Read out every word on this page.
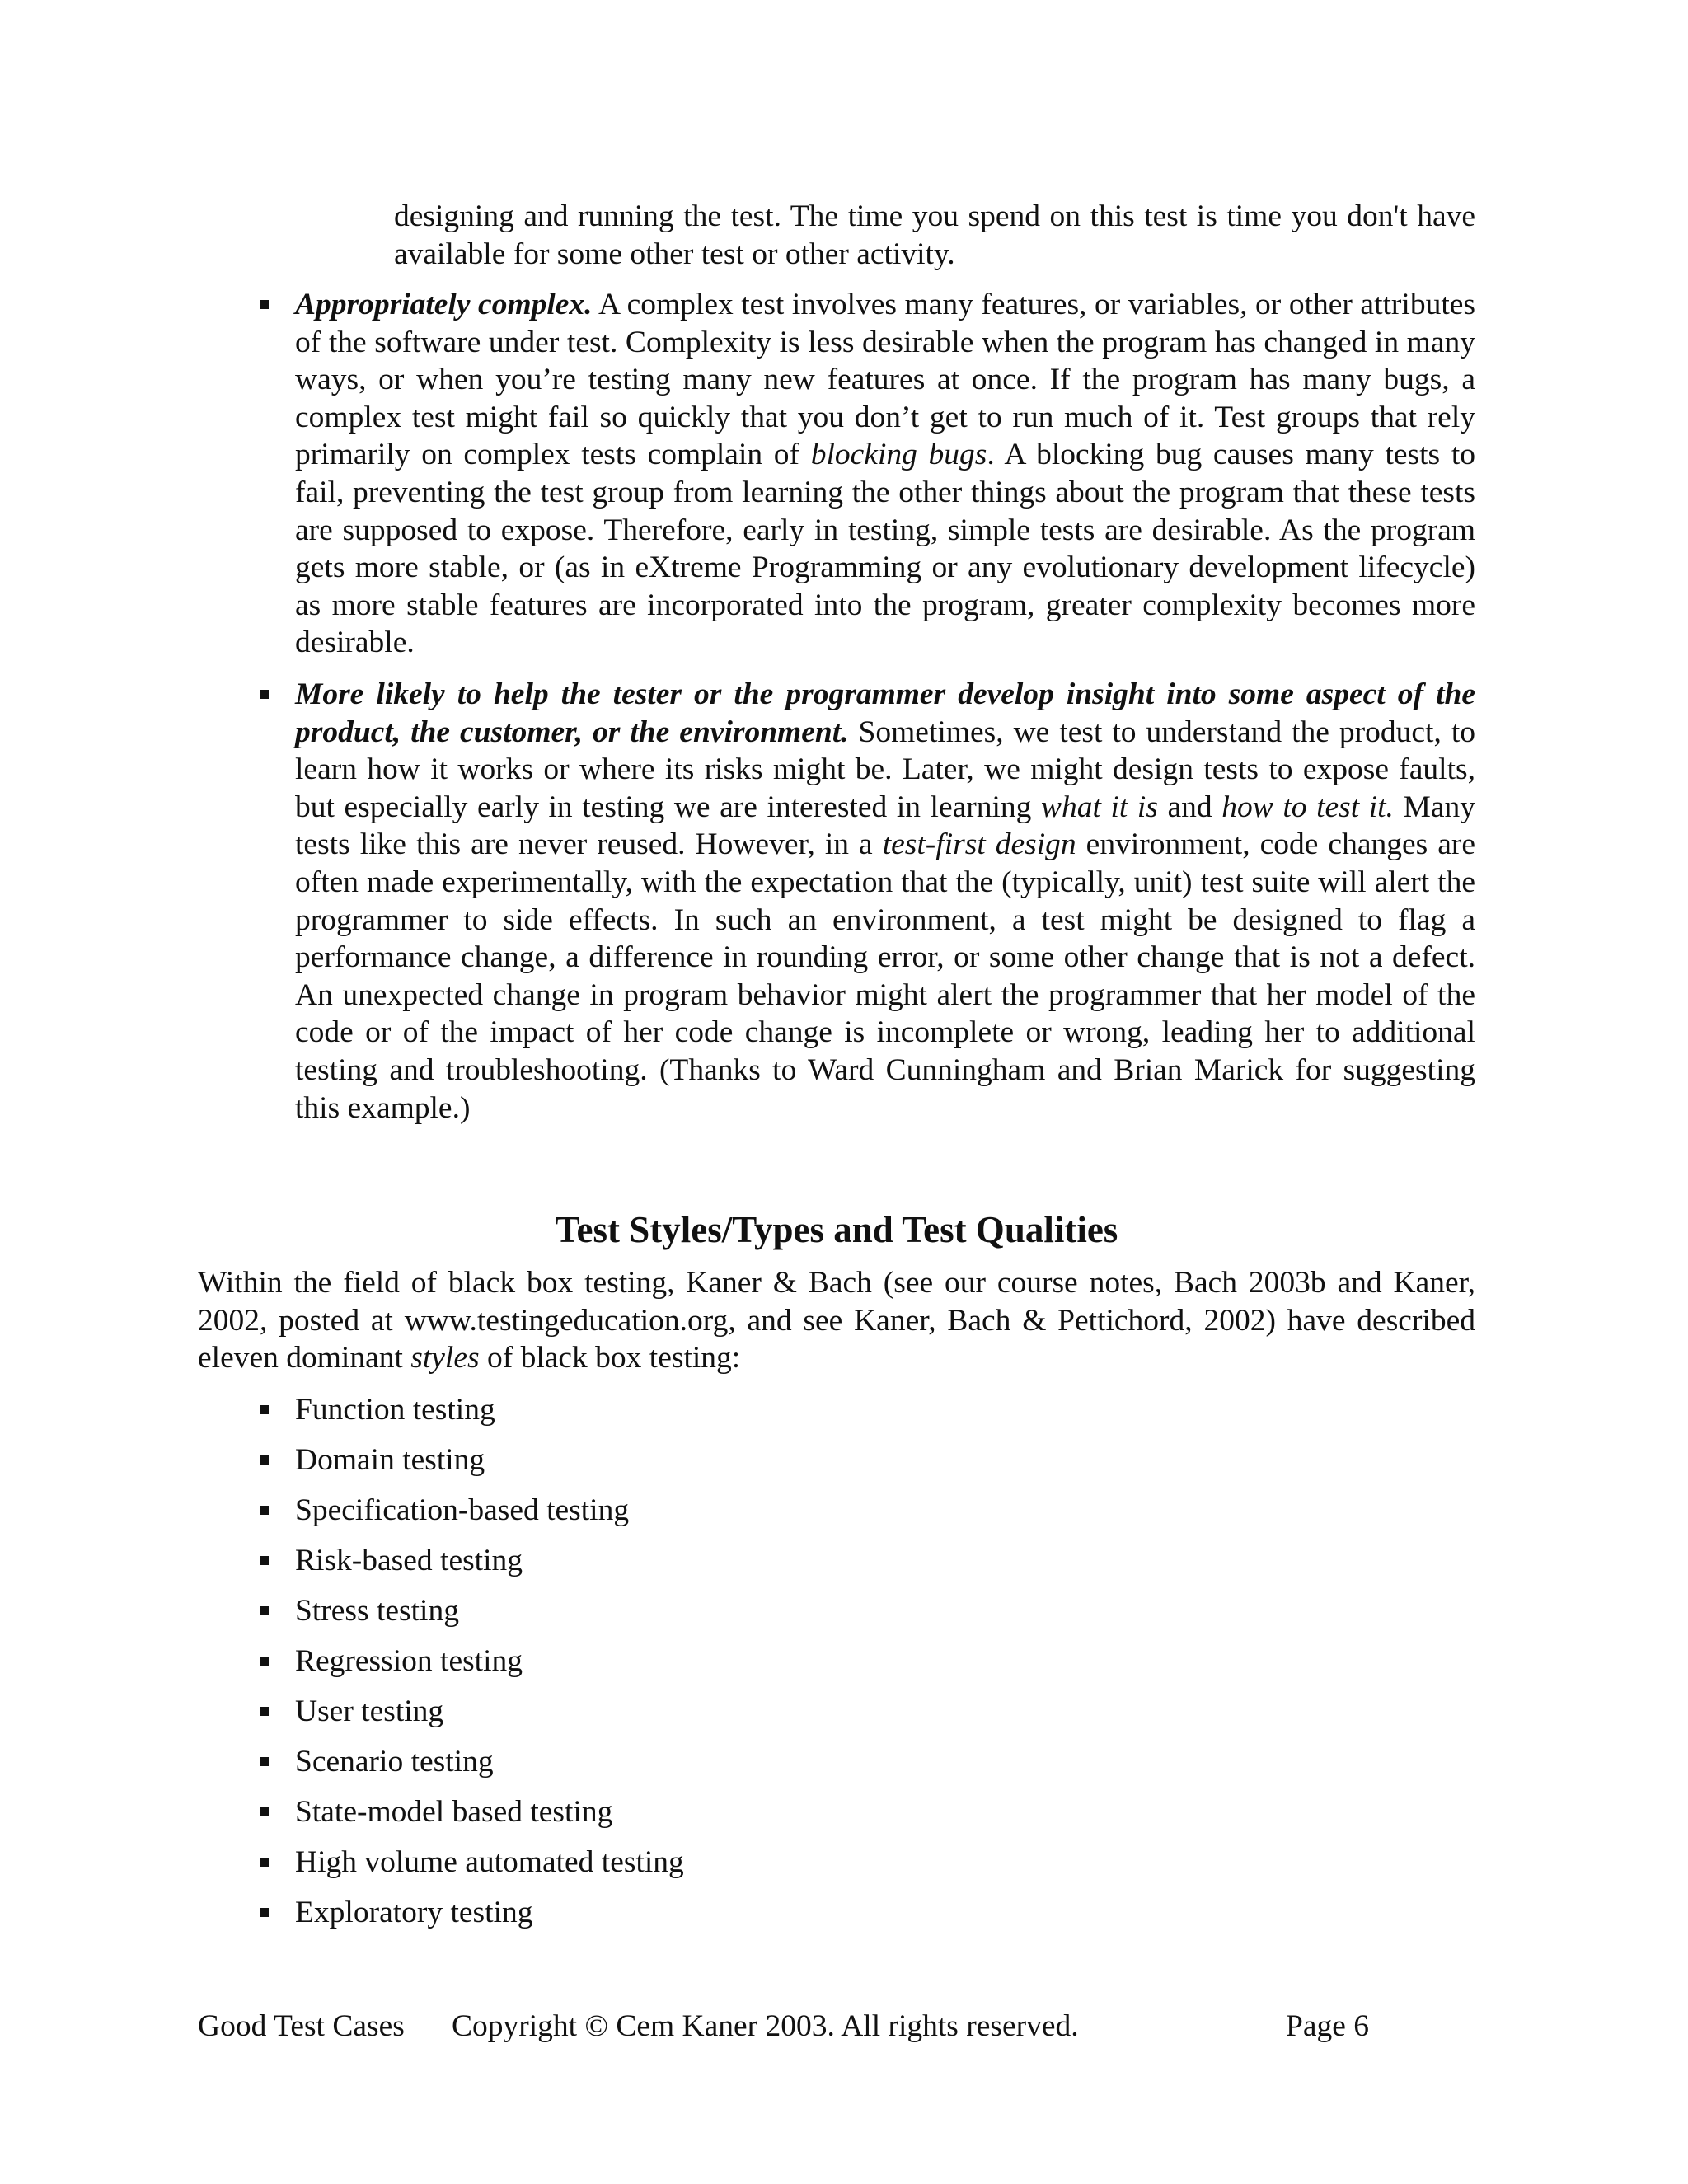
designing and running the test. The time you spend on this test is time you don't have available for some other test or other activity.

Appropriately complex. A complex test involves many features, or variables, or other attributes of the software under test. Complexity is less desirable when the program has changed in many ways, or when you’re testing many new features at once. If the program has many bugs, a complex test might fail so quickly that you don’t get to run much of it. Test groups that rely primarily on complex tests complain of blocking bugs. A blocking bug causes many tests to fail, preventing the test group from learning the other things about the program that these tests are supposed to expose. Therefore, early in testing, simple tests are desirable. As the program gets more stable, or (as in eXtreme Programming or any evolutionary development lifecycle) as more stable features are incorporated into the program, greater complexity becomes more desirable.

More likely to help the tester or the programmer develop insight into some aspect of the product, the customer, or the environment. Sometimes, we test to understand the product, to learn how it works or where its risks might be. Later, we might design tests to expose faults, but especially early in testing we are interested in learning what it is and how to test it. Many tests like this are never reused. However, in a test-first design environment, code changes are often made experimentally, with the expectation that the (typically, unit) test suite will alert the programmer to side effects. In such an environment, a test might be designed to flag a performance change, a difference in rounding error, or some other change that is not a defect. An unexpected change in program behavior might alert the programmer that her model of the code or of the impact of her code change is incomplete or wrong, leading her to additional testing and troubleshooting. (Thanks to Ward Cunningham and Brian Marick for suggesting this example.)

Test Styles/Types and Test Qualities

Within the field of black box testing, Kaner & Bach (see our course notes, Bach 2003b and Kaner, 2002, posted at www.testingeducation.org, and see Kaner, Bach & Pettichord, 2002) have described eleven dominant styles of black box testing:

Function testing
Domain testing
Specification-based testing
Risk-based testing
Stress testing
Regression testing
User testing
Scenario testing
State-model based testing
High volume automated testing
Exploratory testing
Good Test Cases Copyright © Cem Kaner 2003. All rights reserved.	Page 6
